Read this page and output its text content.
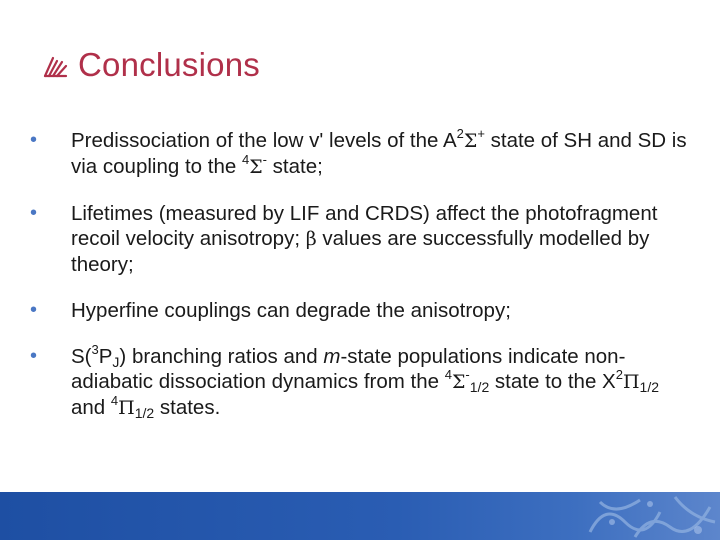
Conclusions
• Predissociation of the low v' levels of the $A^2\Sigma^+$ state of SH and SD is via coupling to the $^4$Σ- state;
• Lifetimes (measured by LIF and CRDS) affect the photofragment recoil velocity anisotropy; β values are successfully modelled by theory;
• Hyperfine couplings can degrade the anisotropy;
• $S(^3P_J)$ branching ratios and m-state populations indicate non-adiabatic dissociation dynamics from the $^4\Sigma^-_{1/2}$ state to the $X^2\Pi_{1/2}$ and $^4\Pi_{1/2}$ states.
